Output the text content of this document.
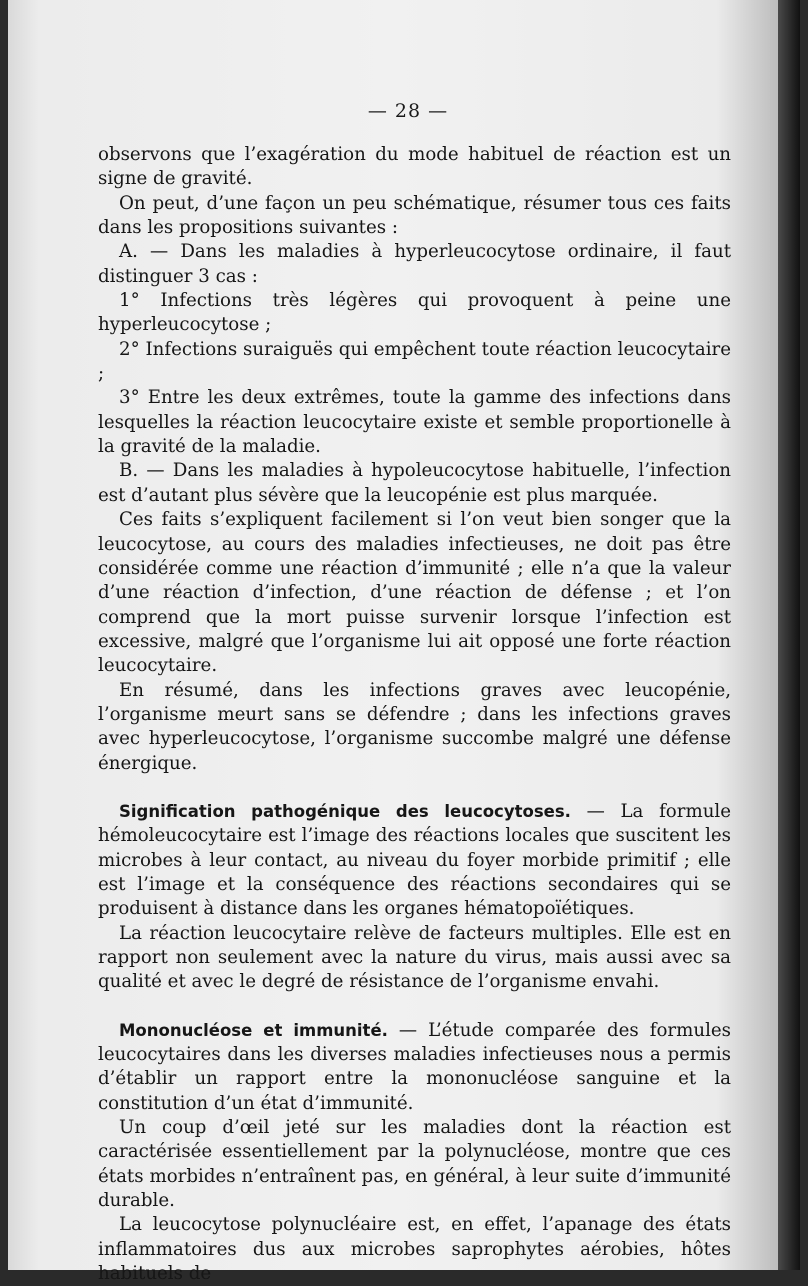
— 28 —

observons que l’exagération du mode habituel de réaction est un signe de gravité.

On peut, d’une façon un peu schématique, résumer tous ces faits dans les propositions suivantes :

A. — Dans les maladies à hyperleucocytose ordinaire, il faut distinguer 3 cas :

1° Infections très légères qui provoquent à peine une hyperleucocytose ;

2° Infections suraiguës qui empêchent toute réaction leucocytaire ;

3° Entre les deux extrêmes, toute la gamme des infections dans lesquelles la réaction leucocytaire existe et semble proportionelle à la gravité de la maladie.

B. — Dans les maladies à hypoleucocytose habituelle, l’infection est d’autant plus sévère que la leucopénie est plus marquée.

Ces faits s’expliquent facilement si l’on veut bien songer que la leucocytose, au cours des maladies infectieuses, ne doit pas être considérée comme une réaction d’immunité ; elle n’a que la valeur d’une réaction d’infection, d’une réaction de défense ; et l’on comprend que la mort puisse survenir lorsque l’infection est excessive, malgré que l’organisme lui ait opposé une forte réaction leucocytaire.

En résumé, dans les infections graves avec leucopénie, l’organisme meurt sans se défendre ; dans les infections graves avec hyperleucocytose, l’organisme succombe malgré une défense énergique.

Signification pathogénique des leucocytoses. — La formule hémoleucocytaire est l’image des réactions locales que suscitent les microbes à leur contact, au niveau du foyer morbide primitif ; elle est l’image et la conséquence des réactions secondaires qui se produisent à distance dans les organes hématopoïétiques.

La réaction leucocytaire relève de facteurs multiples. Elle est en rapport non seulement avec la nature du virus, mais aussi avec sa qualité et avec le degré de résistance de l’organisme envahi.

Mononucléose et immunité. — L’étude comparée des formules leucocytaires dans les diverses maladies infectieuses nous a permis d’établir un rapport entre la mononucléose sanguine et la constitution d’un état d’immunité.

Un coup d’œil jeté sur les maladies dont la réaction est caractérisée essentiellement par la polynucléose, montre que ces états morbides n’entraînent pas, en général, à leur suite d’immunité durable.

La leucocytose polynucléaire est, en effet, l’apanage des états inflammatoires dus aux microbes saprophytes aérobies, hôtes habituels de
